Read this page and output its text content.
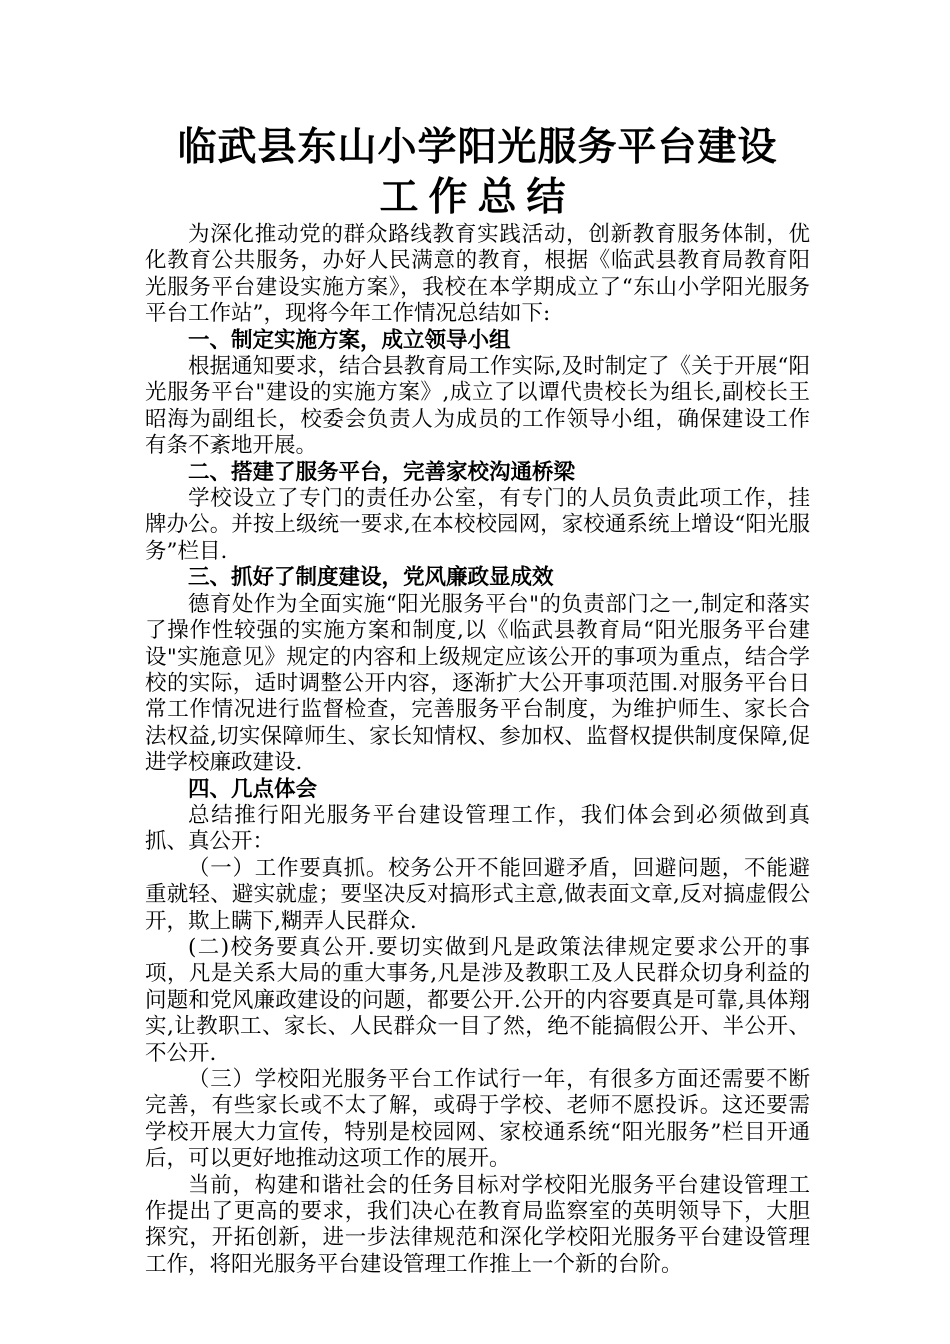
临武县东山小学阳光服务平台建设
工作总结

为深化推动党的群众路线教育实践活动，创新教育服务体制，优化教育公共服务，办好人民满意的教育，根据《临武县教育局教育阳光服务平台建设实施方案》，我校在本学期成立了“东山小学阳光服务平台工作站”，现将今年工作情况总结如下:

一、制定实施方案，成立领导小组

根据通知要求，结合县教育局工作实际,及时制定了《关于开展“阳光服务平台"建设的实施方案》,成立了以谭代贵校长为组长,副校长王昭海为副组长，校委会负责人为成员的工作领导小组，确保建设工作有条不紊地开展。

二、搭建了服务平台，完善家校沟通桥梁

学校设立了专门的责任办公室，有专门的人员负责此项工作，挂牌办公。并按上级统一要求,在本校校园网，家校通系统上增设“阳光服务”栏目.

三、抓好了制度建设，党风廉政显成效

德育处作为全面实施“阳光服务平台"的负责部门之一,制定和落实了操作性较强的实施方案和制度,以《临武县教育局“阳光服务平台建设"实施意见》规定的内容和上级规定应该公开的事项为重点，结合学校的实际，适时调整公开内容，逐渐扩大公开事项范围.对服务平台日常工作情况进行监督检查，完善服务平台制度，为维护师生、家长合法权益,切实保障师生、家长知情权、参加权、监督权提供制度保障,促进学校廉政建设.

四、几点体会

总结推行阳光服务平台建设管理工作，我们体会到必须做到真抓、真公开：

（一）工作要真抓。校务公开不能回避矛盾，回避问题，不能避重就轻、避实就虚；要坚决反对搞形式主意,做表面文章,反对搞虚假公开，欺上瞒下,糊弄人民群众.

(二)校务要真公开.要切实做到凡是政策法律规定要求公开的事项，凡是关系大局的重大事务,凡是涉及教职工及人民群众切身利益的问题和党风廉政建设的问题，都要公开.公开的内容要真是可靠,具体翔实,让教职工、家长、人民群众一目了然，绝不能搞假公开、半公开、不公开.

（三）学校阳光服务平台工作试行一年，有很多方面还需要不断完善，有些家长或不太了解，或碍于学校、老师不愿投诉。这还要需学校开展大力宣传，特别是校园网、家校通系统“阳光服务”栏目开通后，可以更好地推动这项工作的展开。

当前，构建和谐社会的任务目标对学校阳光服务平台建设管理工作提出了更高的要求，我们决心在教育局监察室的英明领导下，大胆探究，开拓创新，进一步法律规范和深化学校阳光服务平台建设管理工作，将阳光服务平台建设管理工作推上一个新的台阶。
